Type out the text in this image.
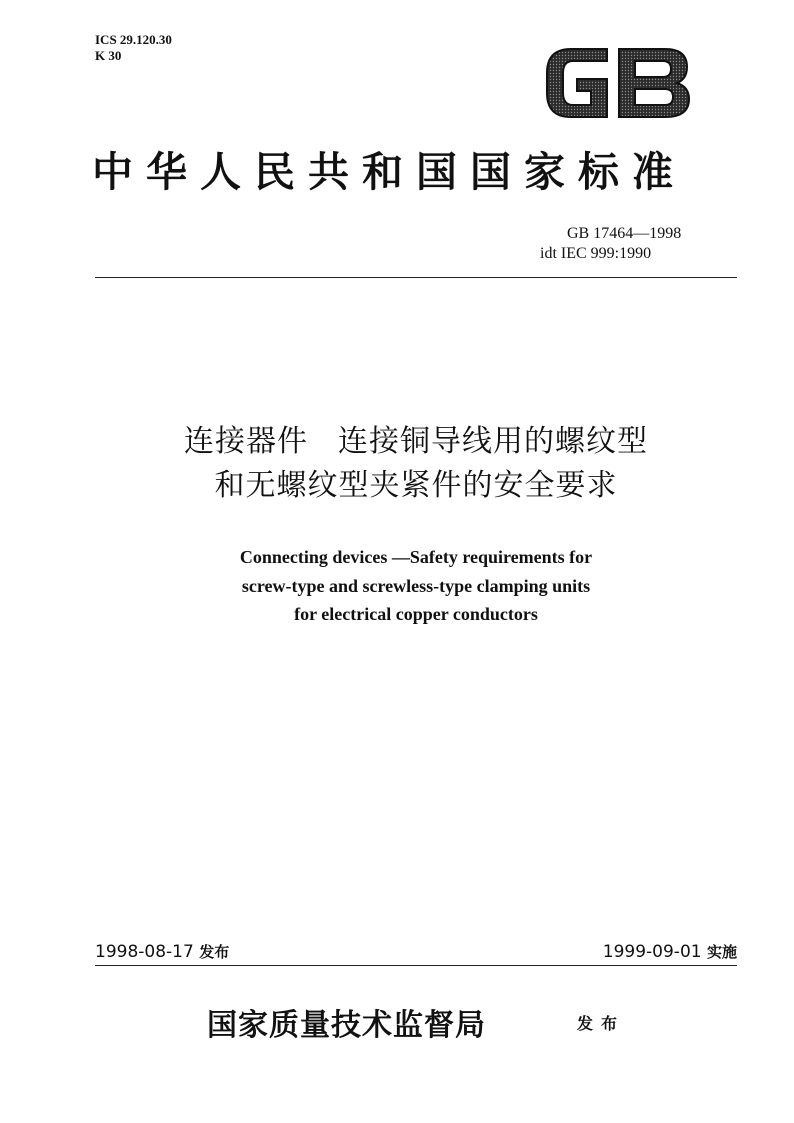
ICS 29.120.30
K 30
GB
中华人民共和国国家标准
GB 17464—1998
idt IEC 999:1990
连接器件 连接铜导线用的螺纹型
和无螺纹型夹紧件的安全要求
Connecting devices —Safety requirements for
screw-type and screwless-type clamping units
for electrical copper conductors
1998-08-17 发布	1999-09-01 实施
国家质量技术监督局	发布
